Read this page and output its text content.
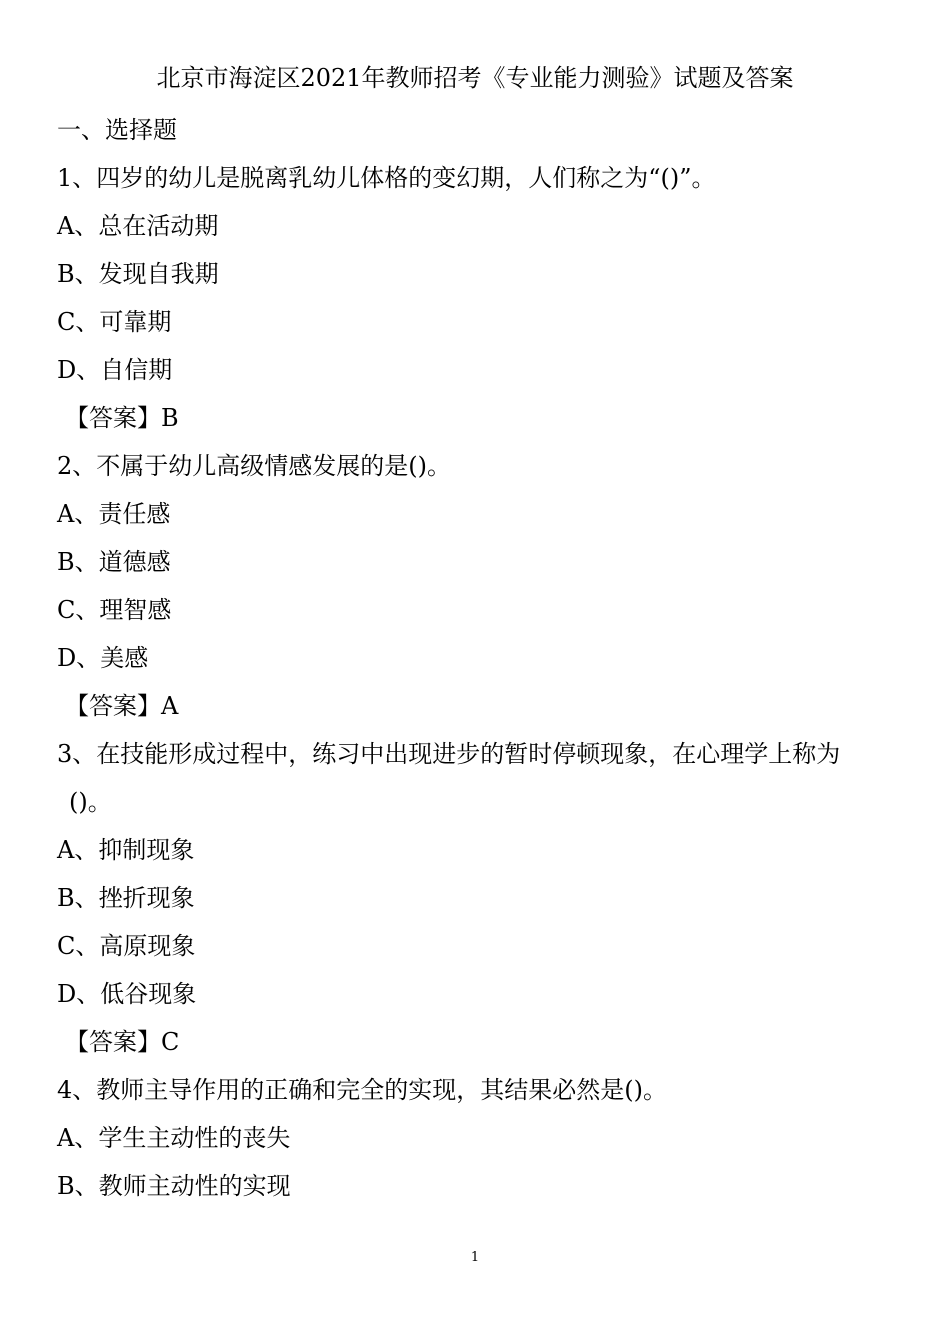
北京市海淀区2021年教师招考《专业能力测验》试题及答案
一、选择题
1、四岁的幼儿是脱离乳幼儿体格的变幻期，人们称之为“()”。
A、总在活动期
B、发现自我期
C、可靠期
D、自信期
【答案】B
2、不属于幼儿高级情感发展的是()。
A、责任感
B、道德感
C、理智感
D、美感
【答案】A
3、在技能形成过程中，练习中出现进步的暂时停顿现象，在心理学上称为
()。
A、抑制现象
B、挫折现象
C、高原现象
D、低谷现象
【答案】C
4、教师主导作用的正确和完全的实现，其结果必然是()。
A、学生主动性的丧失
B、教师主动性的实现
1
